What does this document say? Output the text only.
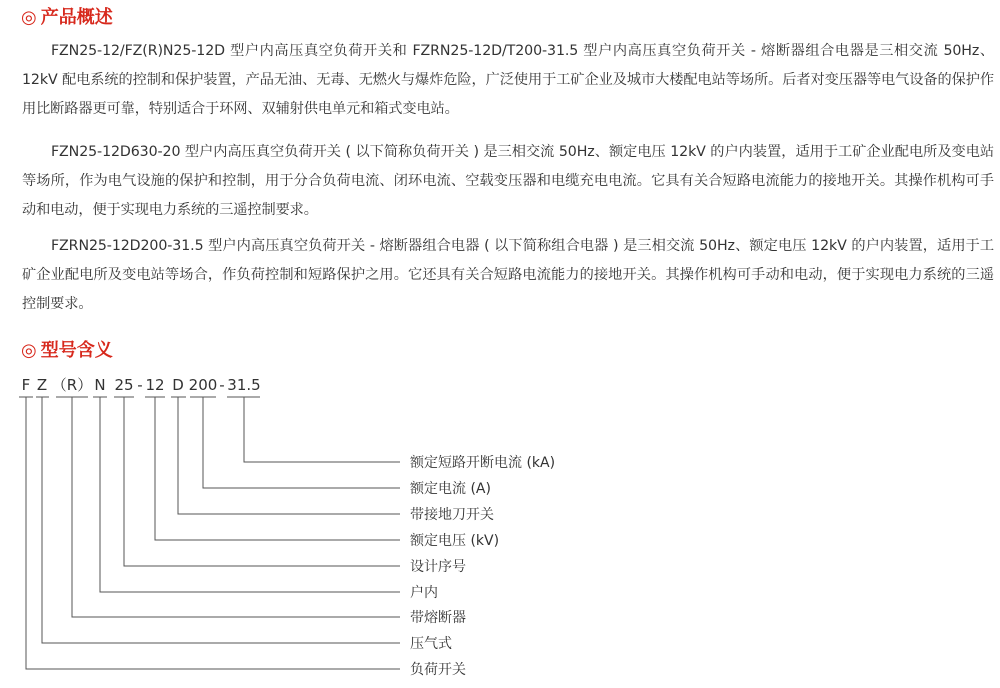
◎ 产品概述

FZN25-12/FZ(R)N25-12D 型户内高压真空负荷开关和 FZRN25-12D/T200-31.5 型户内高压真空负荷开关 - 熔断器组合电器是三相交流 50Hz、12kV 配电系统的控制和保护装置，产品无油、无毒、无燃火与爆炸危险，广泛使用于工矿企业及城市大楼配电站等场所。后者对变压器等电气设备的保护作用比断路器更可靠，特别适合于环网、双辅射供电单元和箱式变电站。

FZN25-12D630-20 型户内高压真空负荷开关 ( 以下简称负荷开关 ) 是三相交流 50Hz、额定电压 12kV 的户内装置，适用于工矿企业配电所及变电站等场所，作为电气设施的保护和控制，用于分合负荷电流、闭环电流、空载变压器和电缆充电电流。它具有关合短路电流能力的接地开关。其操作机构可手动和电动，便于实现电力系统的三遥控制要求。

FZRN25-12D200-31.5 型户内高压真空负荷开关 - 熔断器组合电器 ( 以下简称组合电器 ) 是三相交流 50Hz、额定电压 12kV 的户内装置，适用于工矿企业配电所及变电站等场合，作负荷控制和短路保护之用。它还具有关合短路电流能力的接地开关。其操作机构可手动和电动，便于实现电力系统的三遥控制要求。

◎ 型号含义
F Z （R） N 25 - 12 D 200 - 31.5
额定短路开断电流 (kA)
额定电流 (A)
带接地刀开关
额定电压 (kV)
设计序号
户内
带熔断器
压气式
负荷开关
